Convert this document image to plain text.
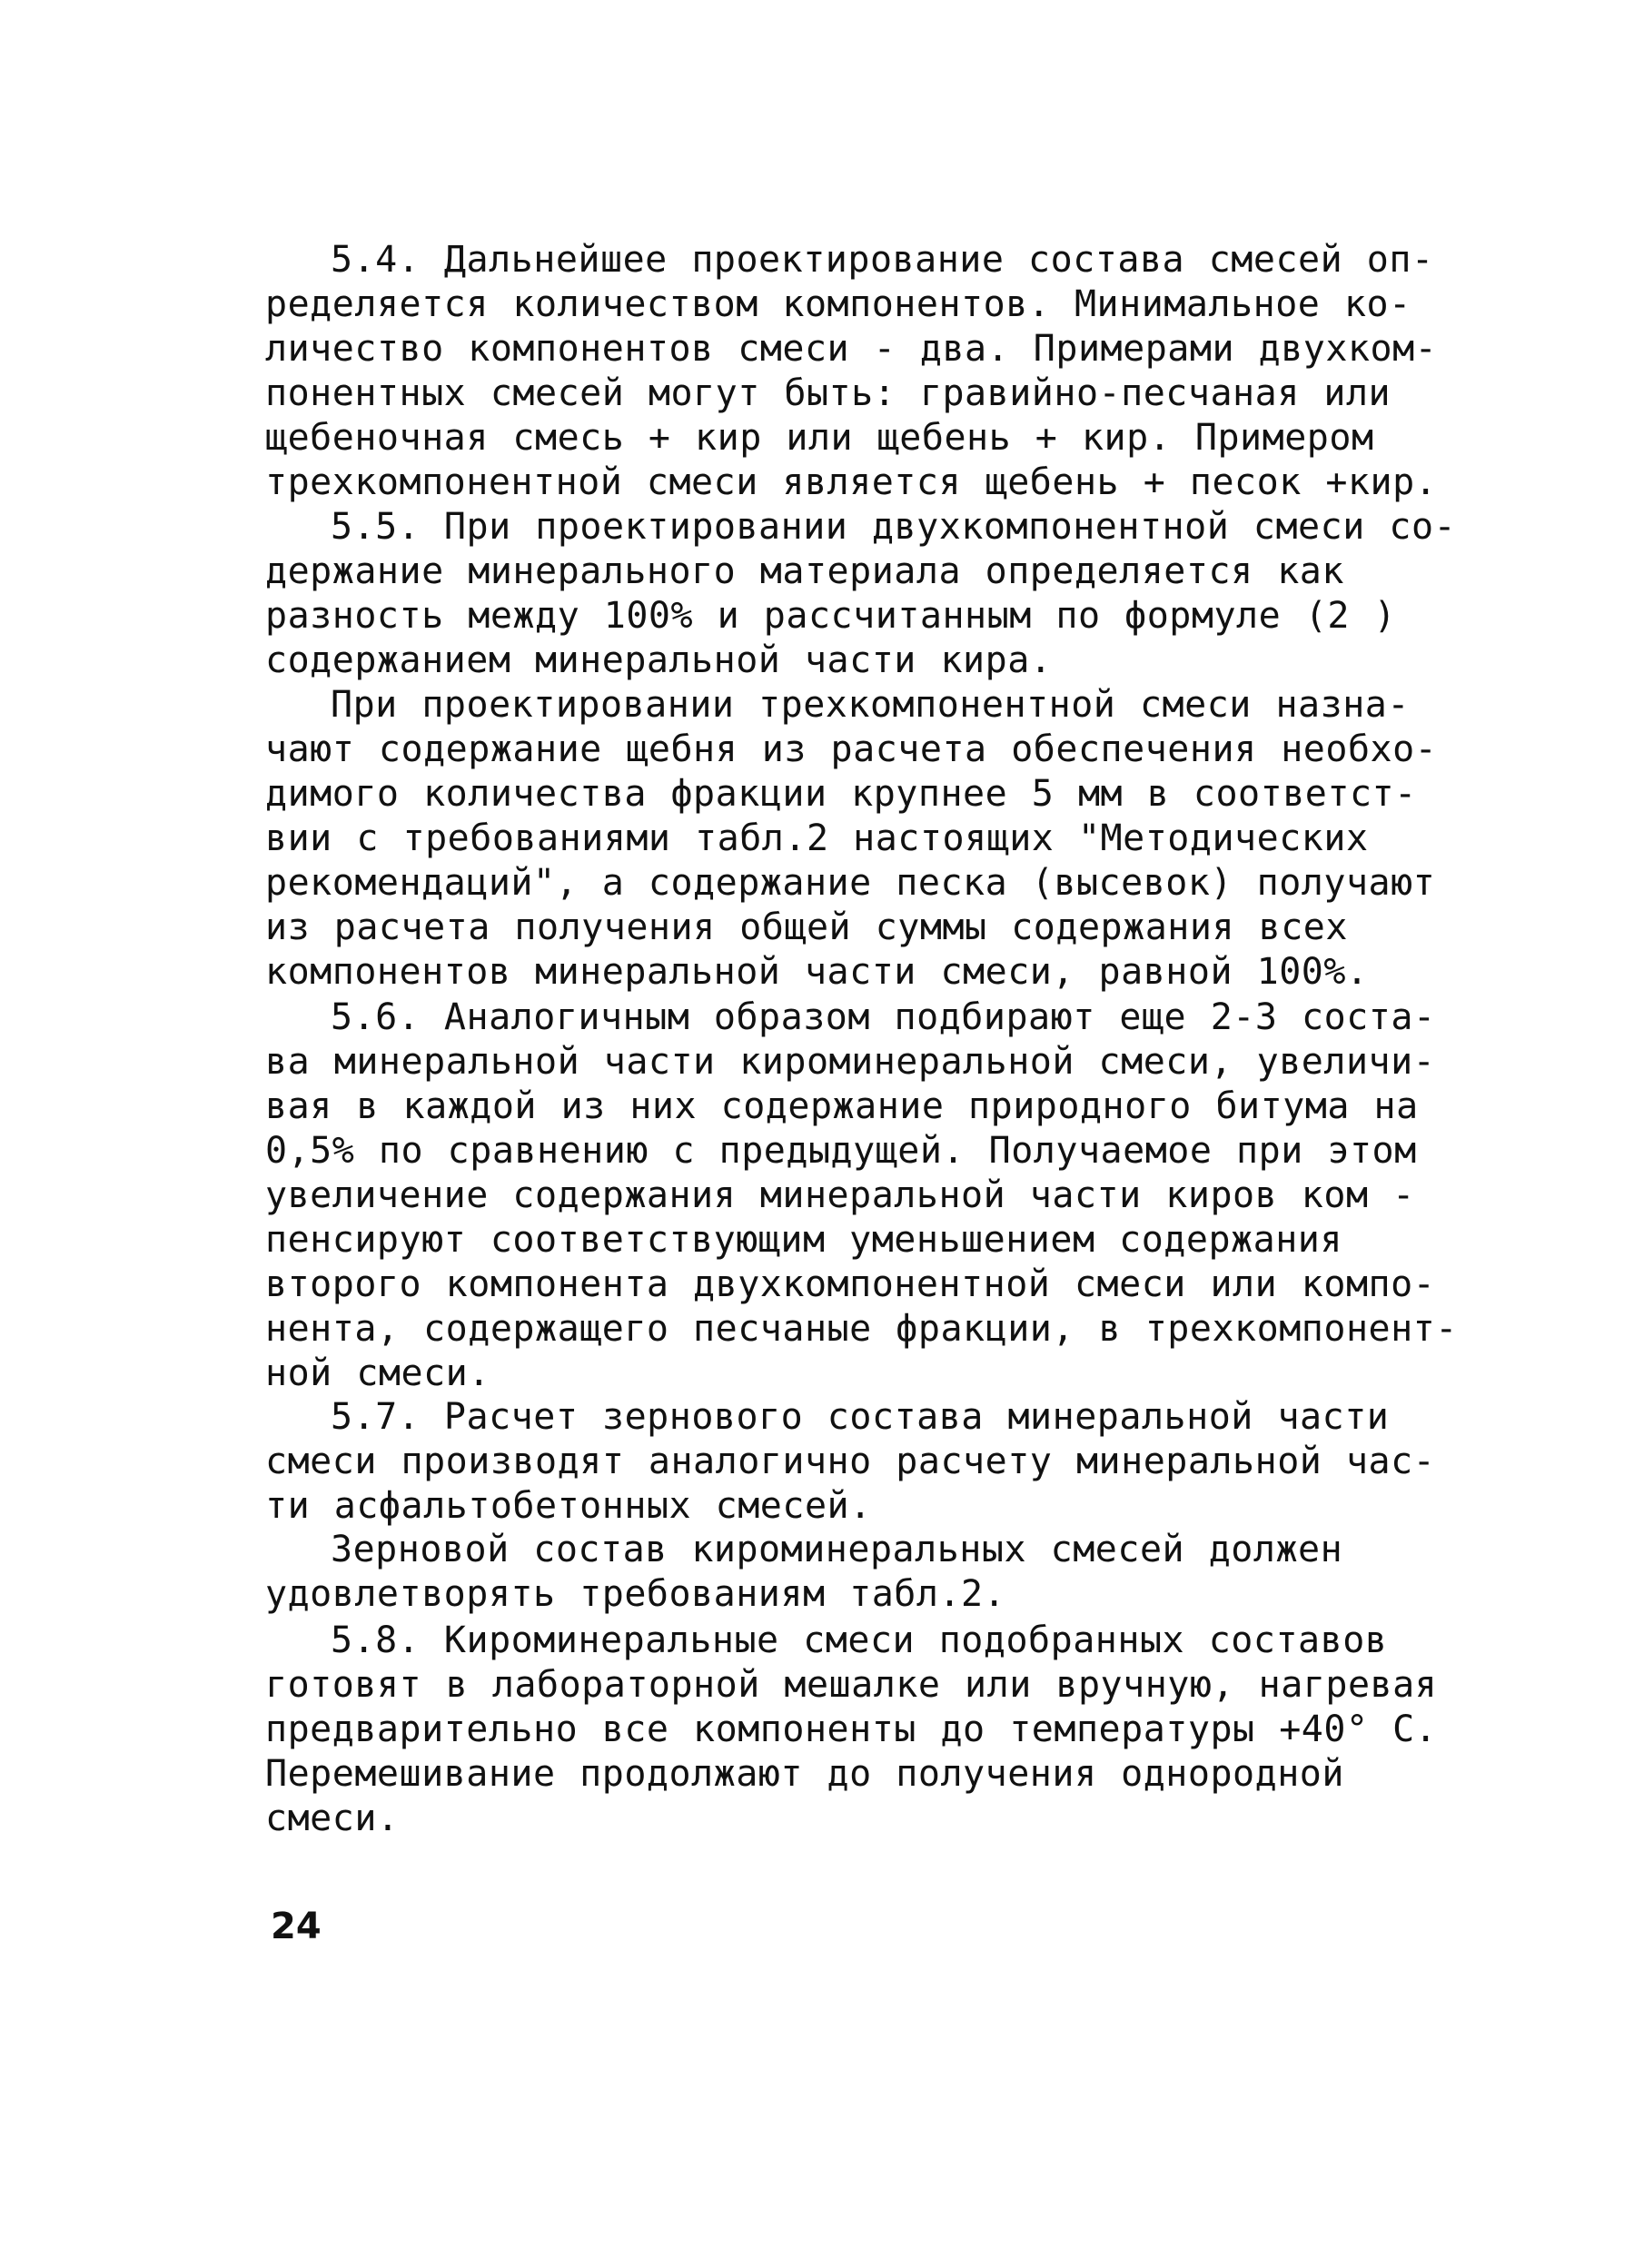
5.4. Дальнейшее проектирование состава смесей оп-
ределяется количеством компонентов. Минимальное ко-
личество компонентов смеси - два. Примерами двухком-
понентных смесей могут быть: гравийно-песчаная или
щебеночная смесь + кир или щебень + кир. Примером
трехкомпонентной смеси является щебень + песок +кир.

5.5. При проектировании двухкомпонентной смеси со-
держание минерального материала определяется как
разность между 100% и рассчитанным по формуле (2 )
содержанием минеральной части кира.

При проектировании трехкомпонентной смеси назна-
чают содержание щебня из расчета обеспечения необхо-
димого количества фракции крупнее 5 мм в соответст-
вии с требованиями табл.2 настоящих "Методических
рекомендаций", а содержание песка (высевок) получают
из расчета получения общей суммы содержания всех
компонентов минеральной части смеси, равной 100%.

5.6. Аналогичным образом подбирают еще 2-3 соста-
ва минеральной части кироминеральной смеси, увеличи-
вая в каждой из них содержание природного битума на
0,5% по сравнению с предыдущей. Получаемое при этом
увеличение содержания минеральной части киров ком -
пенсируют соответствующим уменьшением содержания
второго компонента двухкомпонентной смеси или компо-
нента, содержащего песчаные фракции, в трехкомпонент-
ной смеси.

5.7. Расчет зернового состава минеральной части
смеси производят аналогично расчету минеральной час-
ти асфальтобетонных смесей.

Зерновой состав кироминеральных смесей должен
удовлетворять требованиям табл.2.

5.8. Кироминеральные смеси подобранных составов
готовят в лабораторной мешалке или вручную, нагревая
предварительно все компоненты до температуры +40° С.
Перемешивание продолжают до получения однородной
смеси.

24
